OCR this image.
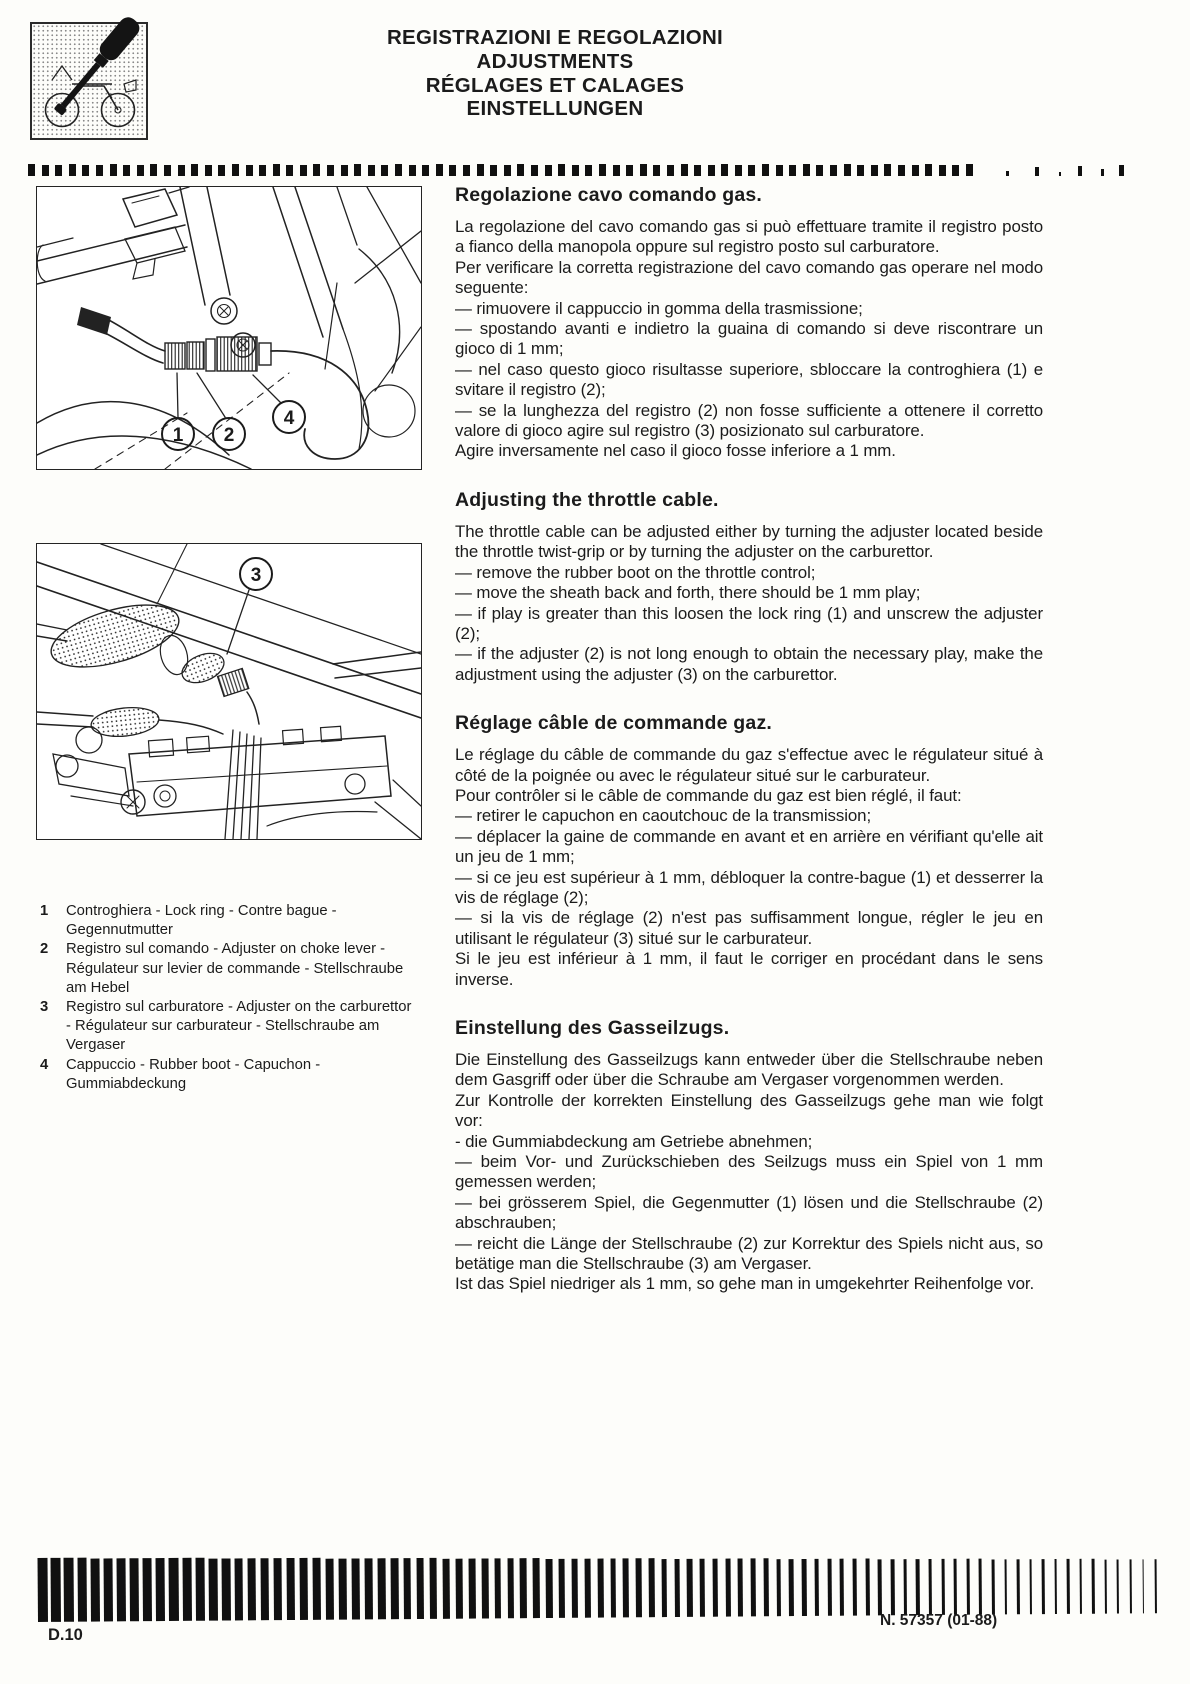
REGISTRAZIONI E REGOLAZIONI
ADJUSTMENTS
RÉGLAGES ET CALAGES
EINSTELLUNGEN
1 2
4
3
1	Controghiera - Lock ring - Contre bague - Gegennutmutter
2	Registro sul comando - Adjuster on choke lever - Régulateur sur levier de commande - Stellschraube am Hebel
3	Registro sul carburatore - Adjuster on the carburettor - Régulateur sur carburateur - Stellschraube am Vergaser
4	Cappuccio - Rubber boot - Capuchon - Gummiabdeckung
Regolazione cavo comando gas.

La regolazione del cavo comando gas si può effettuare tramite il registro posto a fianco della manopola oppure sul registro posto sul carburatore.

Per verificare la corretta registrazione del cavo comando gas operare nel modo seguente:

— rimuovere il cappuccio in gomma della trasmissione;

— spostando avanti e indietro la guaina di comando si deve riscontrare un gioco di 1 mm;

— nel caso questo gioco risultasse superiore, sbloccare la controghiera (1) e svitare il registro (2);

— se la lunghezza del registro (2) non fosse sufficiente a ottenere il corretto valore di gioco agire sul registro (3) posizionato sul carburatore.

Agire inversamente nel caso il gioco fosse inferiore a 1 mm.

Adjusting the throttle cable.

The throttle cable can be adjusted either by turning the adjuster located beside the throttle twist-grip or by turning the adjuster on the carburettor.

— remove the rubber boot on the throttle control;

— move the sheath back and forth, there should be 1 mm play;

— if play is greater than this loosen the lock ring (1) and unscrew the adjuster (2);

— if the adjuster (2) is not long enough to obtain the necessary play, make the adjustment using the adjuster (3) on the carburettor.

Réglage câble de commande gaz.

Le réglage du câble de commande du gaz s'effectue avec le régulateur situé à côté de la poignée ou avec le régulateur situé sur le carburateur.

Pour contrôler si le câble de commande du gaz est bien réglé, il faut:

— retirer le capuchon en caoutchouc de la transmission;

— déplacer la gaine de commande en avant et en arrière en vérifiant qu'elle ait un jeu de 1 mm;

— si ce jeu est supérieur à 1 mm, débloquer la contre-bague (1) et desserrer la vis de réglage (2);

— si la vis de réglage (2) n'est pas suffisamment longue, régler le jeu en utilisant le régulateur (3) situé sur le carburateur.

Si le jeu est inférieur à 1 mm, il faut le corriger en procédant dans le sens inverse.

Einstellung des Gasseilzugs.

Die Einstellung des Gasseilzugs kann entweder über die Stellschraube neben dem Gasgriff oder über die Schraube am Vergaser vorgenommen werden.

Zur Kontrolle der korrekten Einstellung des Gasseilzugs gehe man wie folgt vor:

- die Gummiabdeckung am Getriebe abnehmen;

— beim Vor- und Zurückschieben des Seilzugs muss ein Spiel von 1 mm gemessen werden;

— bei grösserem Spiel, die Gegenmutter (1) lösen und die Stellschraube (2) abschrauben;

— reicht die Länge der Stellschraube (2) zur Korrektur des Spiels nicht aus, so betätige man die Stellschraube (3) am Vergaser.

Ist das Spiel niedriger als 1 mm, so gehe man in umgekehrter Reihenfolge vor.

D.10
N. 57357 (01-88)
